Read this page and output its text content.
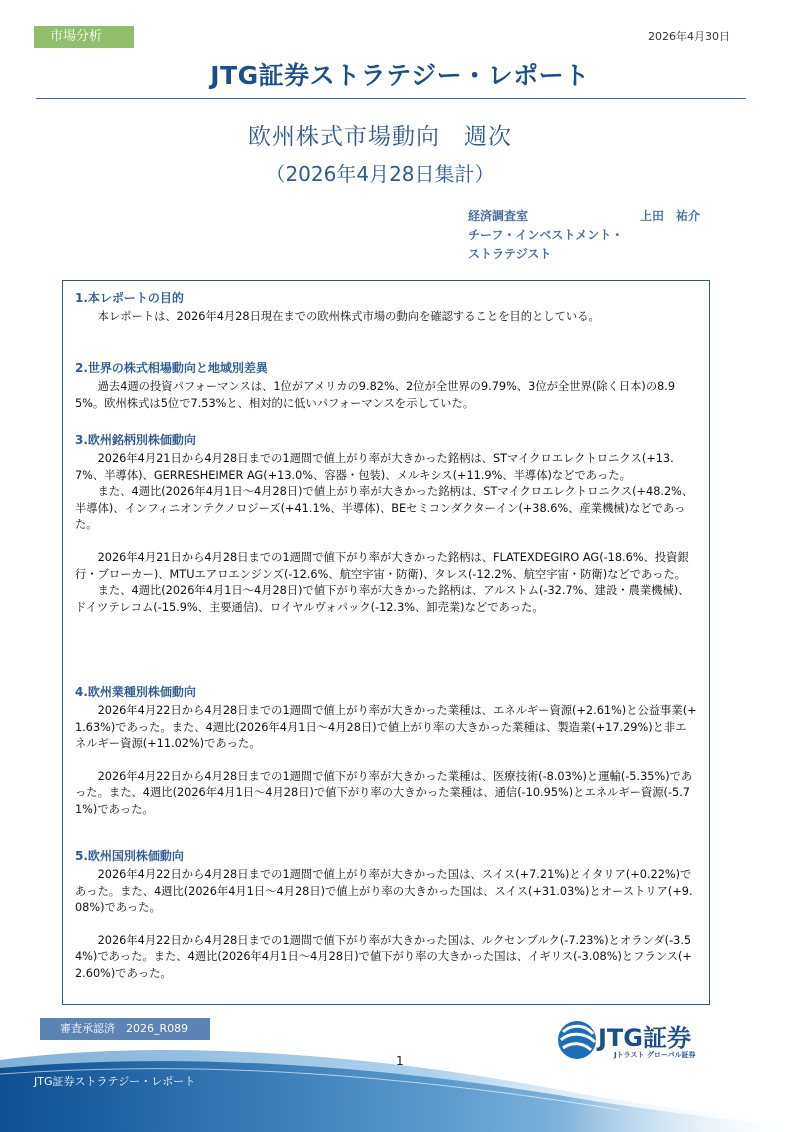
市場分析	2026年4月30日
JTG証券ストラテジー・レポート
欧州株式市場動向　週次
（2026年4月28日集計）
経済調査室	上田　祐介
チーフ・インベストメント・
ストラテジスト
1.本レポートの目的

本レポートは、2026年4月28日現在までの欧州株式市場の動向を確認することを目的としている。

2.世界の株式相場動向と地域別差異

過去4週の投資パフォーマンスは、1位がアメリカの9.82%、2位が全世界の9.79%、3位が全世界(除く日本)の8.95%。欧州株式は5位で7.53%と、相対的に低いパフォーマンスを示していた。

3.欧州銘柄別株価動向

2026年4月21日から4月28日までの1週間で値上がり率が大きかった銘柄は、STマイクロエレクトロニクス(+13.7%、半導体)、GERRESHEIMER AG(+13.0%、容器・包装)、メルキシス(+11.9%、半導体)などであった。

また、4週比(2026年4月1日～4月28日)で値上がり率が大きかった銘柄は、STマイクロエレクトロニクス(+48.2%、半導体)、インフィニオンテクノロジーズ(+41.1%、半導体)、BEセミコンダクターイン(+38.6%、産業機械)などであった。

2026年4月21日から4月28日までの1週間で値下がり率が大きかった銘柄は、FLATEXDEGIRO AG(-18.6%、投資銀行・ブローカー)、MTUエアロエンジンズ(-12.6%、航空宇宙・防衛)、タレス(-12.2%、航空宇宙・防衛)などであった。

また、4週比(2026年4月1日～4月28日)で値下がり率が大きかった銘柄は、アルストム(-32.7%、建設・農業機械)、ドイツテレコム(-15.9%、主要通信)、ロイヤルヴォパック(-12.3%、卸売業)などであった。

4.欧州業種別株価動向

2026年4月22日から4月28日までの1週間で値上がり率が大きかった業種は、エネルギー資源(+2.61%)と公益事業(+1.63%)であった。また、4週比(2026年4月1日～4月28日)で値上がり率の大きかった業種は、製造業(+17.29%)と非エネルギー資源(+11.02%)であった。

2026年4月22日から4月28日までの1週間で値下がり率が大きかった業種は、医療技術(-8.03%)と運輸(-5.35%)であった。また、4週比(2026年4月1日～4月28日)で値下がり率の大きかった業種は、通信(-10.95%)とエネルギー資源(-5.71%)であった。

5.欧州国別株価動向

2026年4月22日から4月28日までの1週間で値上がり率が大きかった国は、スイス(+7.21%)とイタリア(+0.22%)であった。また、4週比(2026年4月1日～4月28日)で値上がり率の大きかった国は、スイス(+31.03%)とオーストリア(+9.08%)であった。

2026年4月22日から4月28日までの1週間で値下がり率が大きかった国は、ルクセンブルク(-7.23%)とオランダ(-3.54%)であった。また、4週比(2026年4月1日～4月28日)で値下がり率の大きかった国は、イギリス(-3.08%)とフランス(+2.60%)であった。

審査承認済　2026_R089	JTG証券
Jトラスト グローバル証券
1
JTG証券ストラテジー・レポート
